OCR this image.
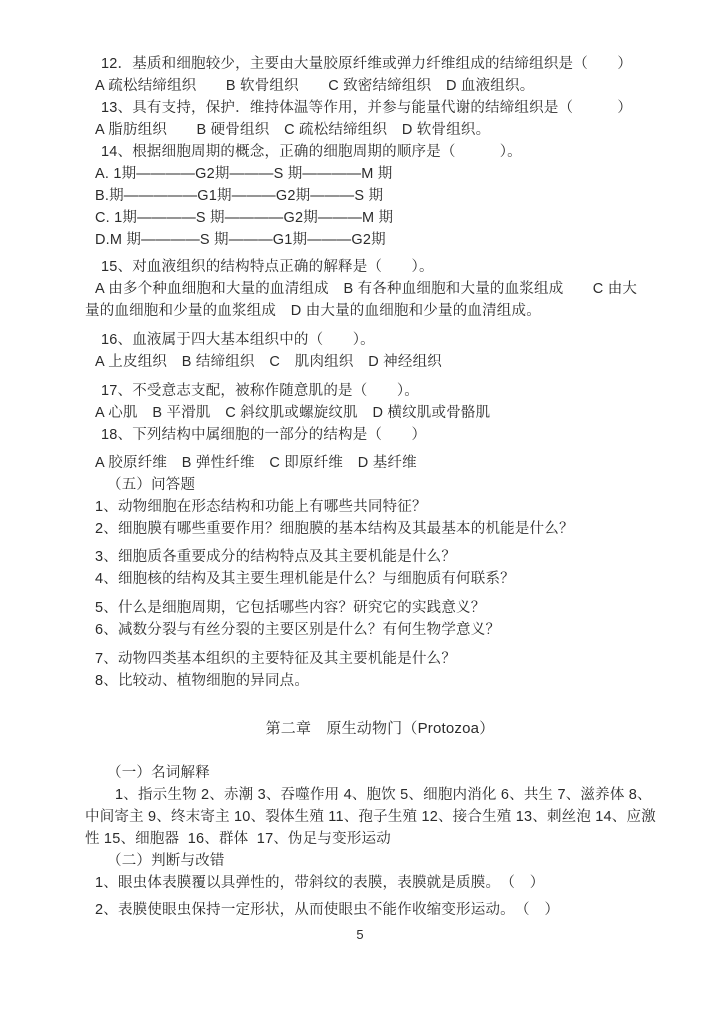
12．基质和细胞较少，主要由大量胶原纤维或弹力纤维组成的结缔组织是（　　）
A 疏松结缔组织　　B 软骨组织　　C 致密结缔组织　D 血液组织。
13、具有支持，保护．维持体温等作用，并参与能量代谢的结缔组织是（　　　）
A 脂肪组织　　B 硬骨组织　C 疏松结缔组织　D 软骨组织。
14、根据细胞周期的概念，正确的细胞周期的顺序是（　　　）。
A. 1期————G2期———S 期————M 期
B.期—————G1期———G2期———S 期
C. 1期————S 期————G2期———M 期
D.M 期————S 期———G1期———G2期
15、对血液组织的结构特点正确的解释是（　　）。
A 由多个种血细胞和大量的血清组成　B 有各种血细胞和大量的血浆组成　　C 由大
量的血细胞和少量的血浆组成　D 由大量的血细胞和少量的血清组成。
16、血液属于四大基本组织中的（　　）。
A 上皮组织　B 结缔组织　C　肌肉组织　D 神经组织
17、不受意志支配，被称作随意肌的是（　　）。
A 心肌　B 平滑肌　C 斜纹肌或螺旋纹肌　D 横纹肌或骨骼肌
18、下列结构中属细胞的一部分的结构是（　　）
A 胶原纤维　B 弹性纤维　C 即原纤维　D 基纤维
（五）问答题
1、动物细胞在形态结构和功能上有哪些共同特征？
2、细胞膜有哪些重要作用？细胞膜的基本结构及其最基本的机能是什么？
3、细胞质各重要成分的结构特点及其主要机能是什么？
4、细胞核的结构及其主要生理机能是什么？与细胞质有何联系？
5、什么是细胞周期，它包括哪些内容？研究它的实践意义？
6、减数分裂与有丝分裂的主要区别是什么？有何生物学意义？
7、动物四类基本组织的主要特征及其主要机能是什么？
8、比较动、植物细胞的异同点。
第二章　原生动物门（Protozoa）
（一）名词解释
1、指示生物 2、赤潮 3、吞噬作用 4、胞饮 5、细胞内消化 6、共生 7、滋养体 8、
中间寄主 9、终末寄主 10、裂体生殖 11、孢子生殖 12、接合生殖 13、刺丝泡 14、应激
性 15、细胞器  16、群体  17、伪足与变形运动
（二）判断与改错
1、眼虫体表膜覆以具弹性的，带斜纹的表膜，表膜就是质膜。　（　）
2、表膜使眼虫保持一定形状，从而使眼虫不能作收缩变形运动。　（　）
5
